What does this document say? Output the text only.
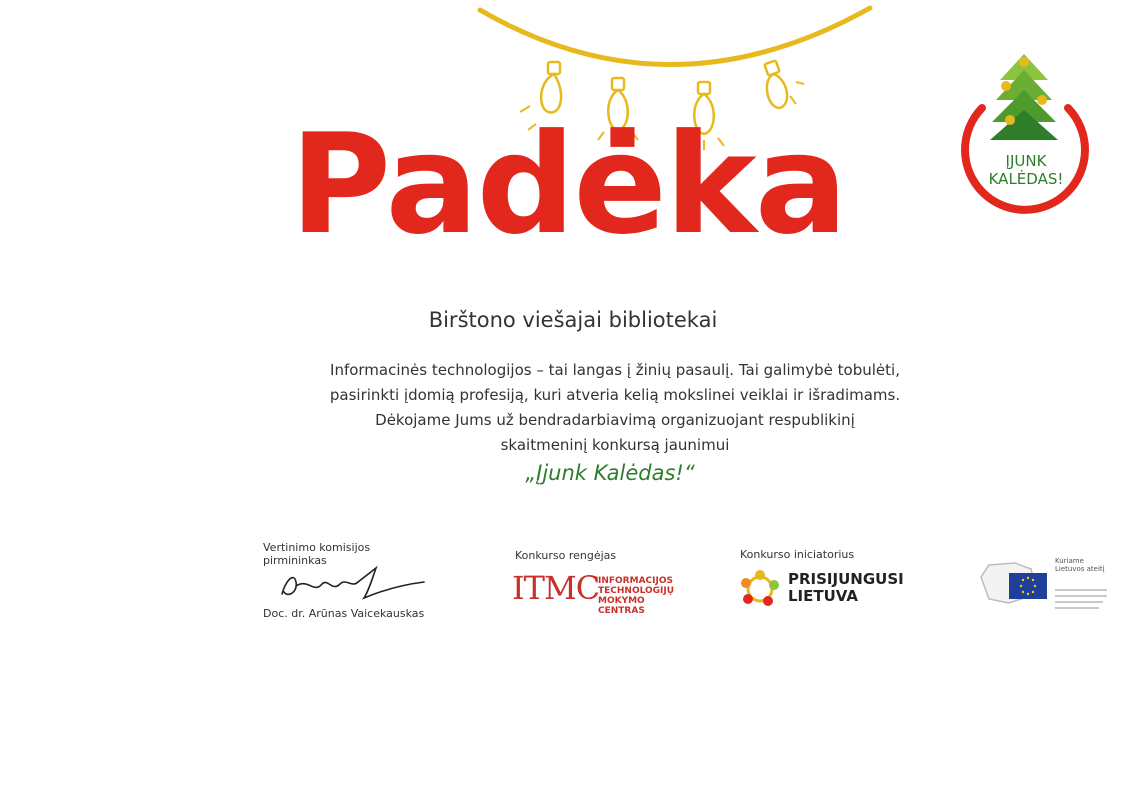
Padėka	ĮJUNK
KALĖDAS!
Birštono viešajai bibliotekai
Informacinės technologijos – tai langas į žinių pasaulį. Tai galimybė tobulėti,
pasirinkti įdomią profesiją, kuri atveria kelią mokslinei veiklai ir išradimams.
Dėkojame Jums už bendradarbiavimą organizuojant respublikinį
skaitmeninį konkursą jaunimui
„Įjunk Kalėdas!“
Vertinimo komisijos
pirmininkas
Doc. dr. Arūnas Vaicekauskas
Konkurso rengėjas
ITMC
INFORMACIJOS
TECHNOLOGIJŲ
MOKYMO CENTRAS
Konkurso iniciatorius
PRISIJUNGUSI
LIETUVA
Kuriame
Lietuvos ateitį
